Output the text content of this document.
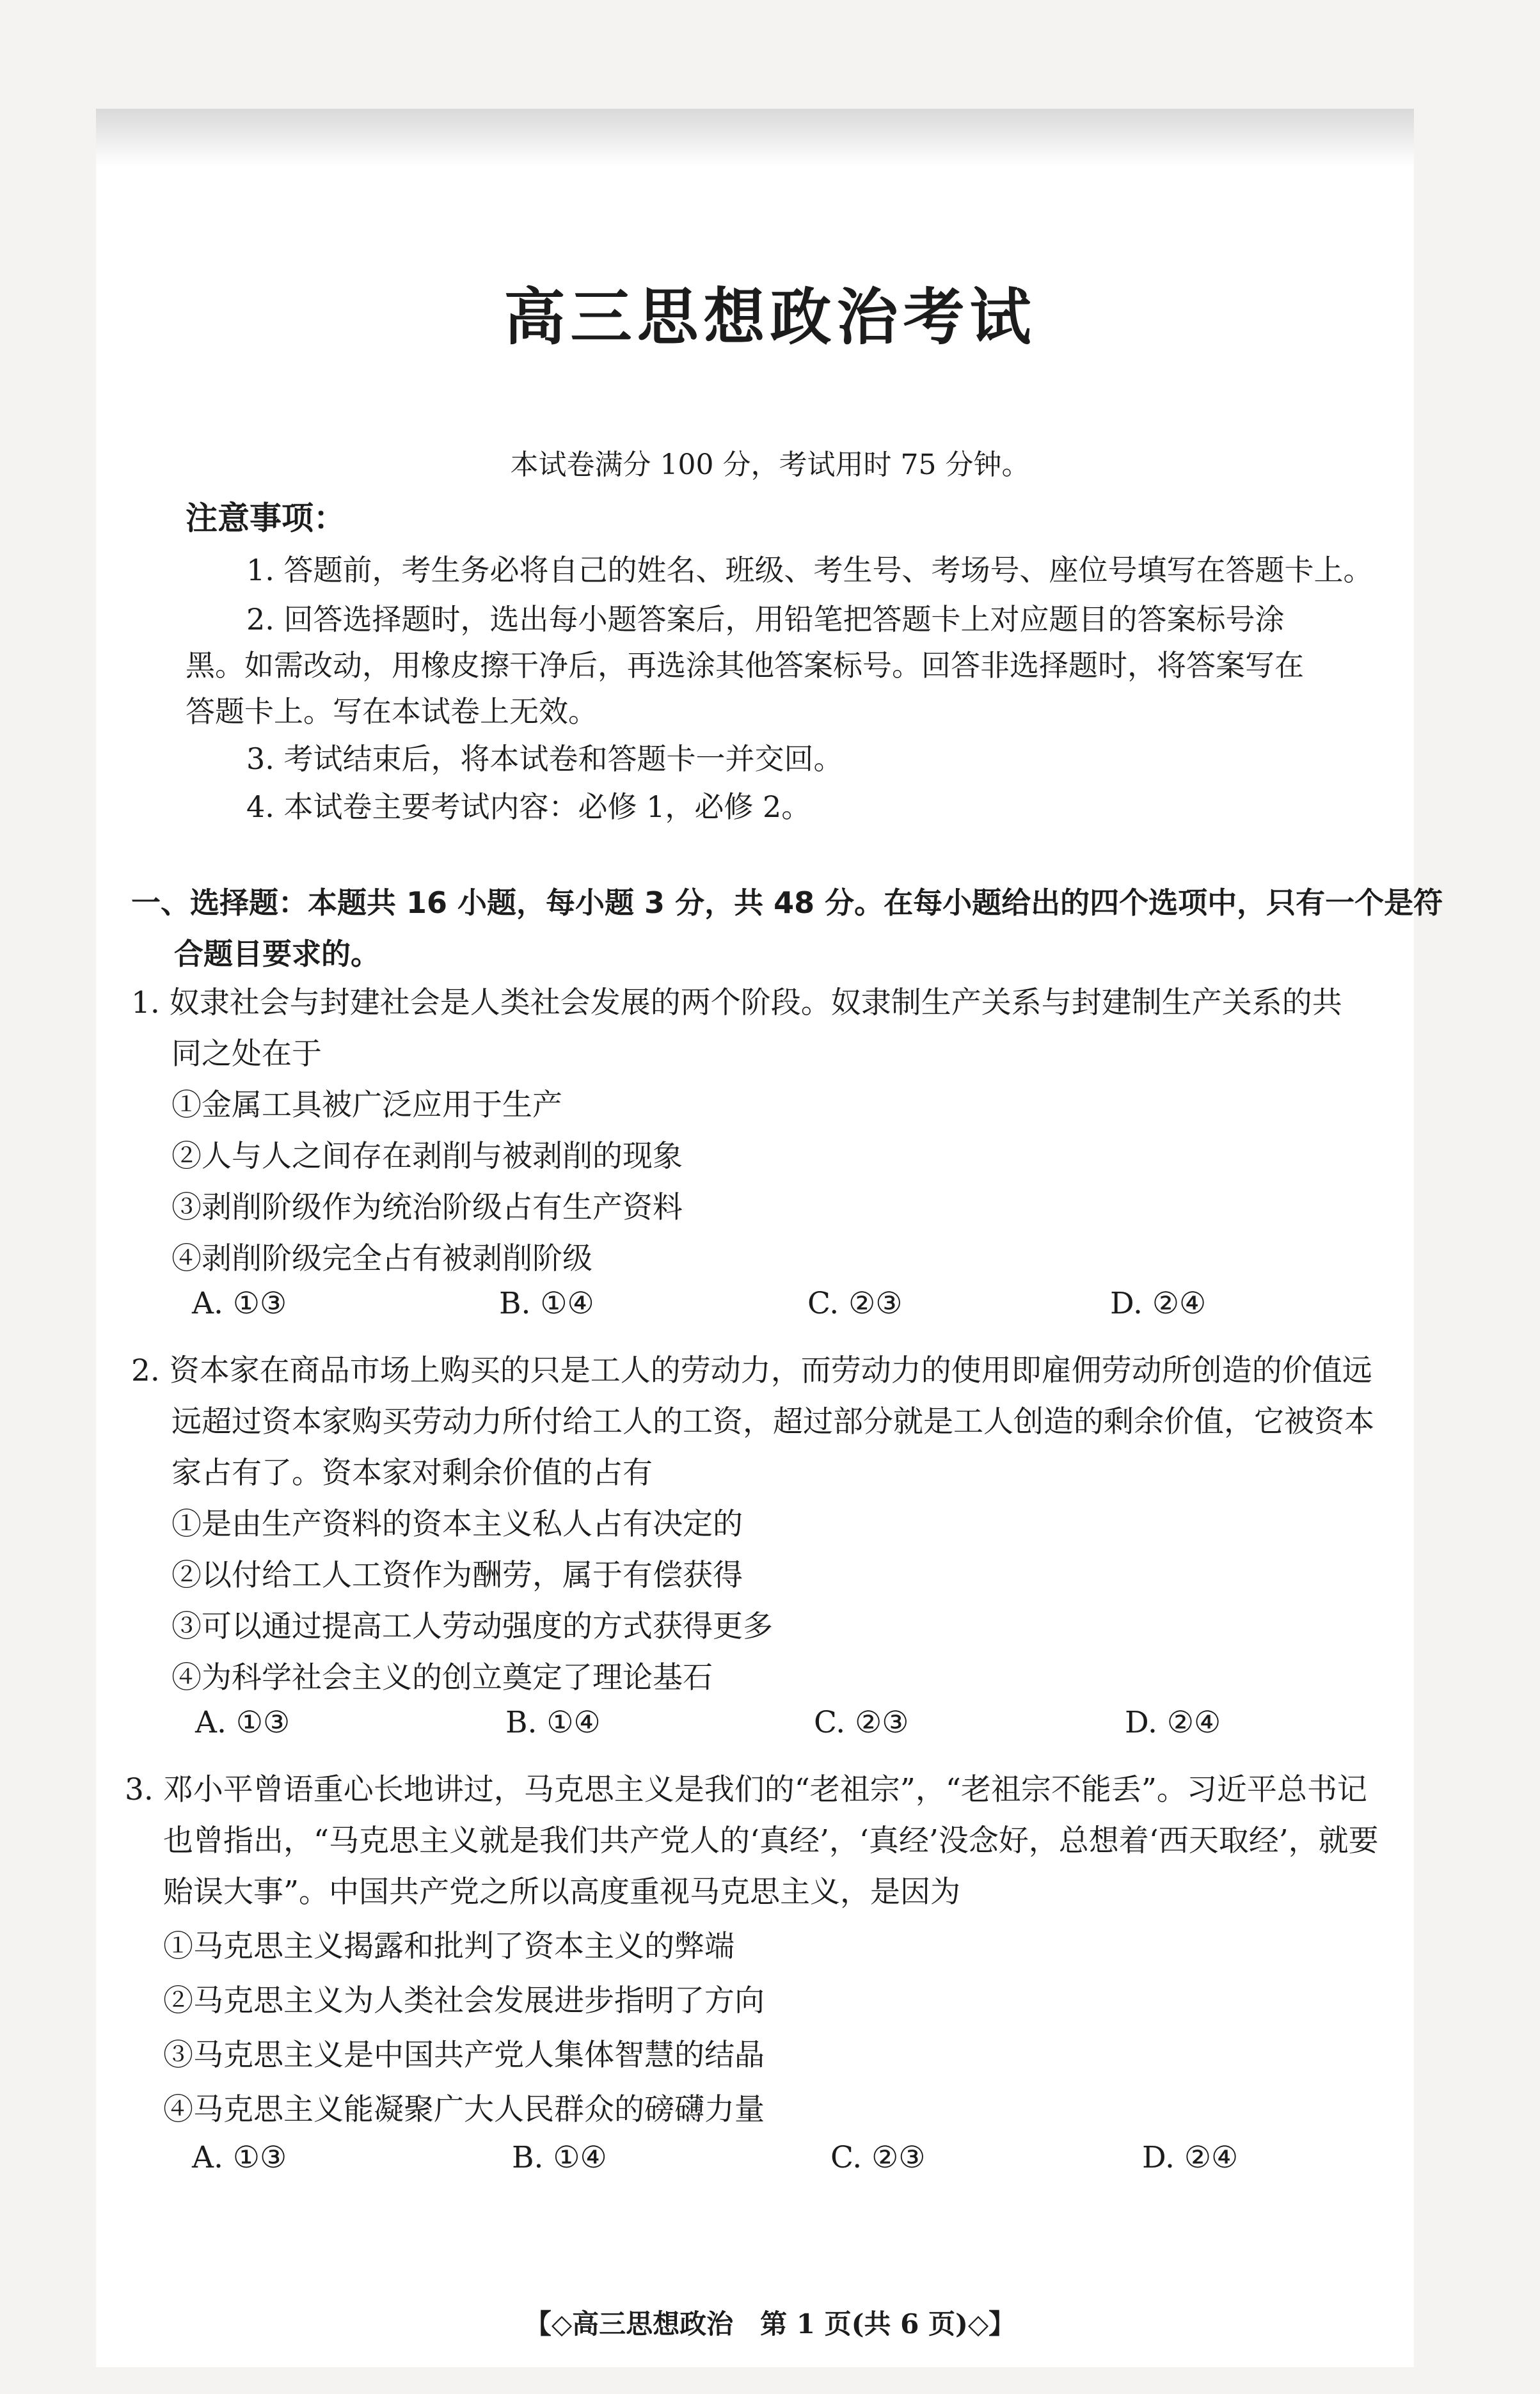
高三思想政治考试
本试卷满分 100 分，考试用时 75 分钟。
注意事项：
1. 答题前，考生务必将自己的姓名、班级、考生号、考场号、座位号填写在答题卡上。
2. 回答选择题时，选出每小题答案后，用铅笔把答题卡上对应题目的答案标号涂
黑。如需改动，用橡皮擦干净后，再选涂其他答案标号。回答非选择题时，将答案写在
答题卡上。写在本试卷上无效。
3. 考试结束后，将本试卷和答题卡一并交回。
4. 本试卷主要考试内容：必修 1，必修 2。
一、选择题：本题共 16 小题，每小题 3 分，共 48 分。在每小题给出的四个选项中，只有一个是符
合题目要求的。
1. 奴隶社会与封建社会是人类社会发展的两个阶段。奴隶制生产关系与封建制生产关系的共
同之处在于
①金属工具被广泛应用于生产
②人与人之间存在剥削与被剥削的现象
③剥削阶级作为统治阶级占有生产资料
④剥削阶级完全占有被剥削阶级
A. ①③	B. ①④	C. ②③	D. ②④
2. 资本家在商品市场上购买的只是工人的劳动力，而劳动力的使用即雇佣劳动所创造的价值远
远超过资本家购买劳动力所付给工人的工资，超过部分就是工人创造的剩余价值，它被资本
家占有了。资本家对剩余价值的占有
①是由生产资料的资本主义私人占有决定的
②以付给工人工资作为酬劳，属于有偿获得
③可以通过提高工人劳动强度的方式获得更多
④为科学社会主义的创立奠定了理论基石
A. ①③	B. ①④	C. ②③	D. ②④
3. 邓小平曾语重心长地讲过，马克思主义是我们的“老祖宗”，“老祖宗不能丢”。习近平总书记
也曾指出，“马克思主义就是我们共产党人的‘真经’，‘真经’没念好，总想着‘西天取经’，就要
贻误大事”。中国共产党之所以高度重视马克思主义，是因为
①马克思主义揭露和批判了资本主义的弊端
②马克思主义为人类社会发展进步指明了方向
③马克思主义是中国共产党人集体智慧的结晶
④马克思主义能凝聚广大人民群众的磅礴力量
A. ①③	B. ①④	C. ②③	D. ②④
【◇高三思想政治　第 1 页(共 6 页)◇】
